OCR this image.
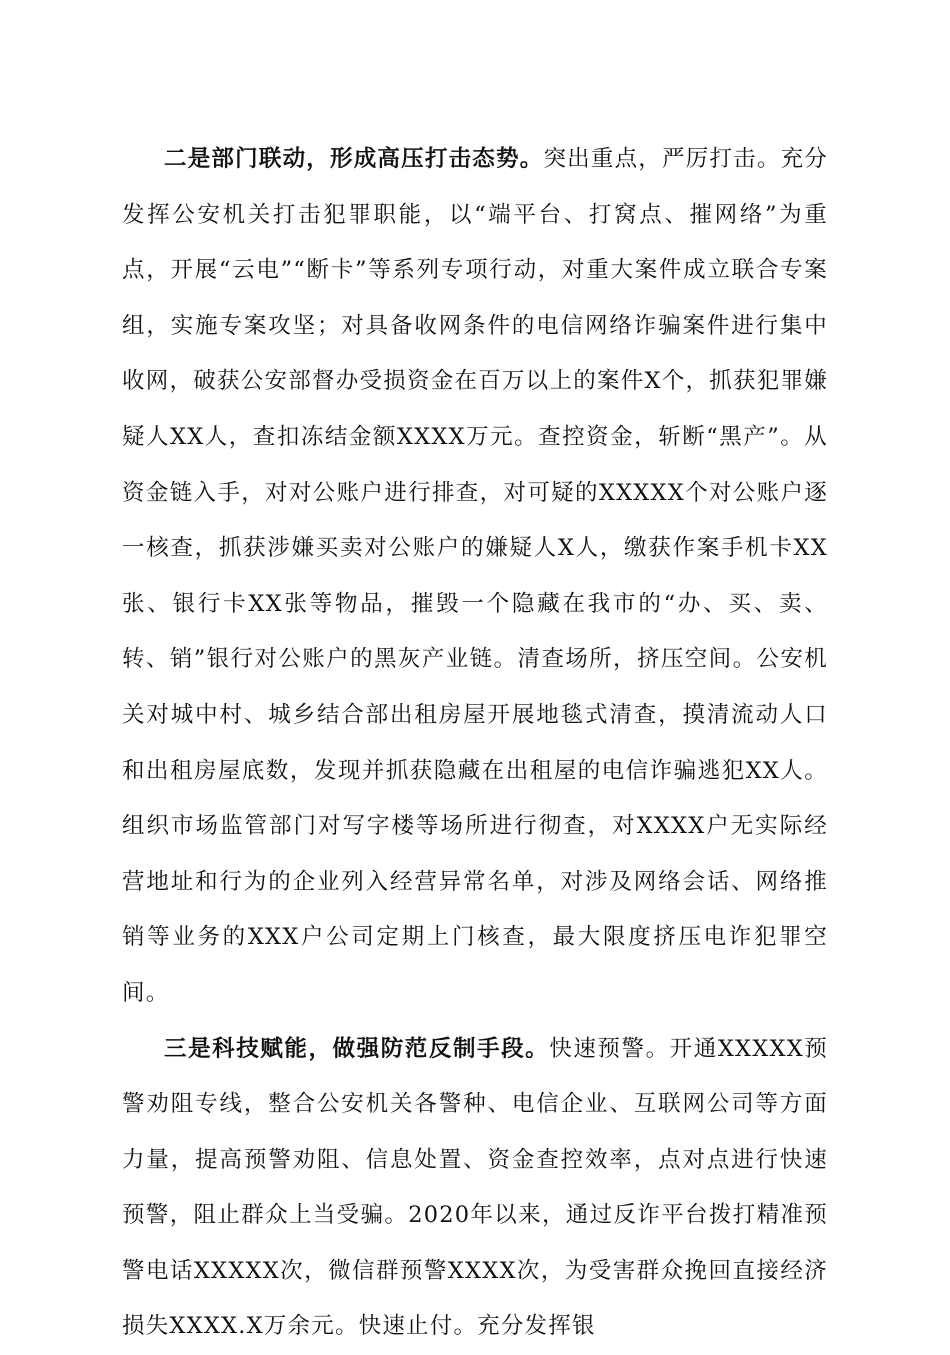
二是部门联动，形成高压打击态势。突出重点，严厉打击。充分发挥公安机关打击犯罪职能，以“端平台、打窝点、摧网络”为重点，开展“云电”“断卡”等系列专项行动，对重大案件成立联合专案组，实施专案攻坚；对具备收网条件的电信网络诈骗案件进行集中收网，破获公安部督办受损资金在百万以上的案件X个，抓获犯罪嫌疑人XX人，查扣冻结金额XXXX万元。查控资金，斩断“黑产”。从资金链入手，对对公账户进行排查，对可疑的XXXXX个对公账户逐一核查，抓获涉嫌买卖对公账户的嫌疑人X人，缴获作案手机卡XX张、银行卡XX张等物品，摧毁一个隐藏在我市的“办、买、卖、转、销”银行对公账户的黑灰产业链。清查场所，挤压空间。公安机关对城中村、城乡结合部出租房屋开展地毯式清查，摸清流动人口和出租房屋底数，发现并抓获隐藏在出租屋的电信诈骗逃犯XX人。组织市场监管部门对写字楼等场所进行彻查，对XXXX户无实际经营地址和行为的企业列入经营异常名单，对涉及网络会话、网络推销等业务的XXX户公司定期上门核查，最大限度挤压电诈犯罪空间。

三是科技赋能，做强防范反制手段。快速预警。开通XXXXX预警劝阻专线，整合公安机关各警种、电信企业、互联网公司等方面力量，提高预警劝阻、信息处置、资金查控效率，点对点进行快速预警，阻止群众上当受骗。2020年以来，通过反诈平台拨打精准预警电话XXXXX次，微信群预警XXXX次，为受害群众挽回直接经济损失XXXX.X万余元。快速止付。充分发挥银
